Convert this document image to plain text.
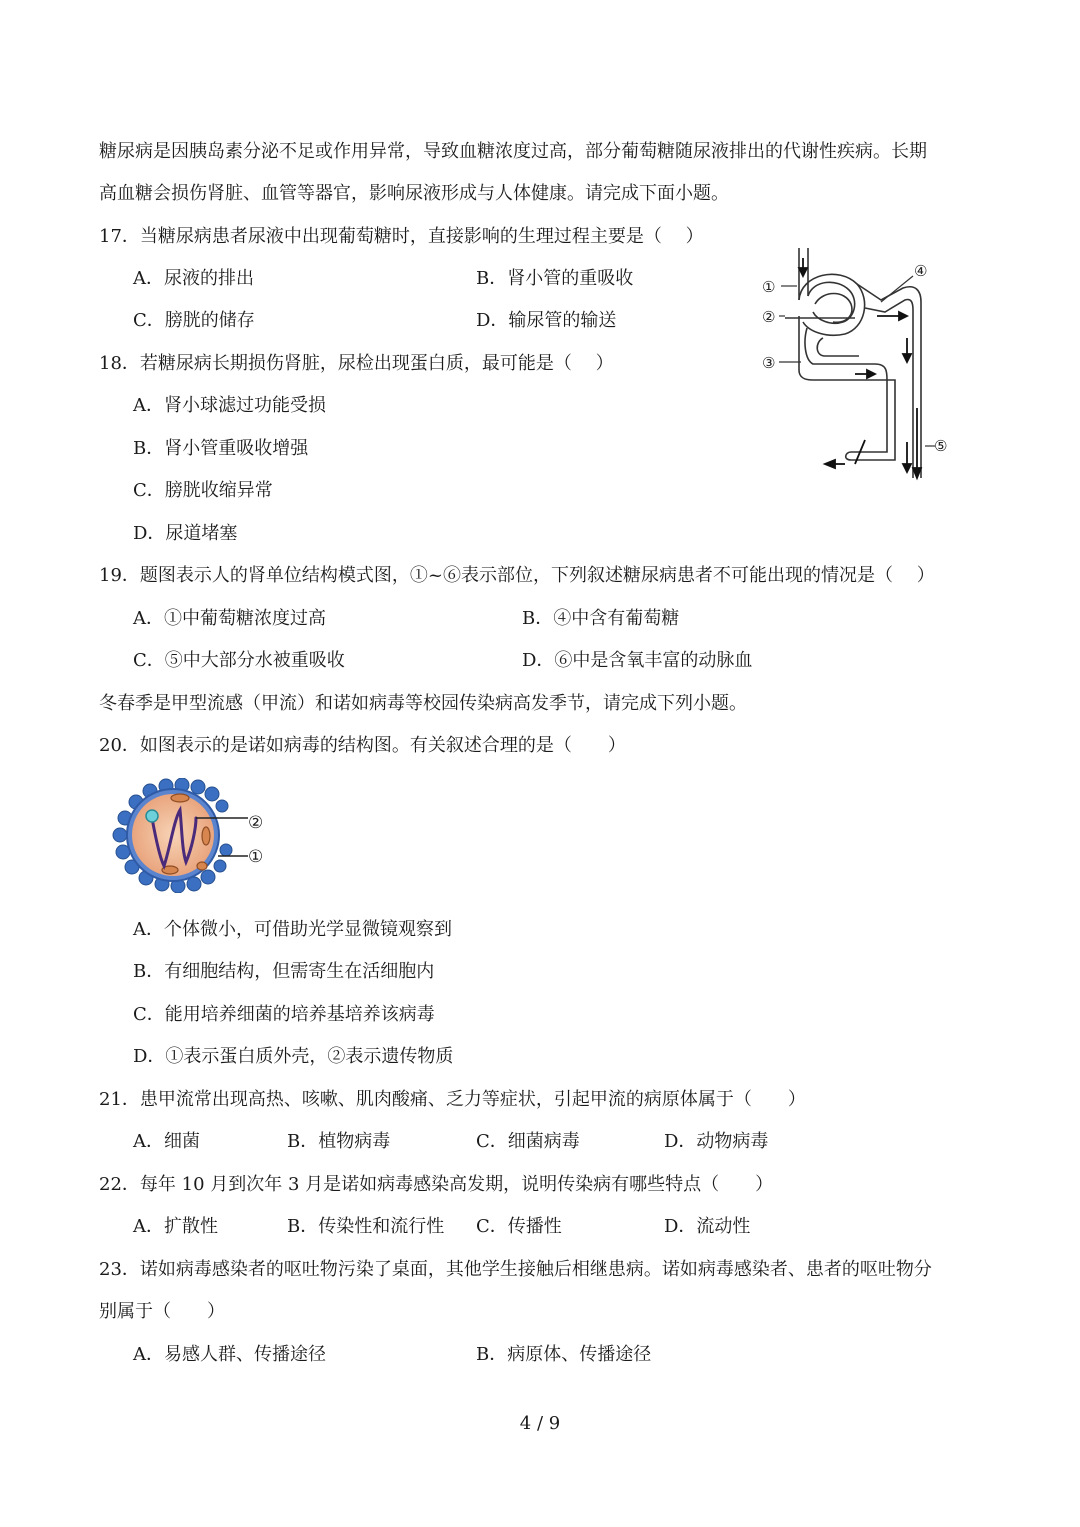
糖尿病是因胰岛素分泌不足或作用异常，导致血糖浓度过高，部分葡萄糖随尿液排出的代谢性疾病。长期
高血糖会损伤肾脏、血管等器官，影响尿液形成与人体健康。请完成下面小题。
17．当糖尿病患者尿液中出现葡萄糖时，直接影响的生理过程主要是（　 ）
A．尿液的排出	B．肾小管的重吸收
C．膀胱的储存	D．输尿管的输送
①
②
③
④
⑤
18．若糖尿病长期损伤肾脏，尿检出现蛋白质，最可能是（　 ）
A．肾小球滤过功能受损
B．肾小管重吸收增强
C．膀胱收缩异常
D．尿道堵塞
19．题图表示人的肾单位结构模式图，①~⑥表示部位，下列叙述糖尿病患者不可能出现的情况是（　 ）
A．①中葡萄糖浓度过高	B．④中含有葡萄糖
C．⑤中大部分水被重吸收	D．⑥中是含氧丰富的动脉血
冬春季是甲型流感（甲流）和诺如病毒等校园传染病高发季节，请完成下列小题。
20．如图表示的是诺如病毒的结构图。有关叙述合理的是（　　）
②
①
A．个体微小，可借助光学显微镜观察到
B．有细胞结构，但需寄生在活细胞内
C．能用培养细菌的培养基培养该病毒
D．①表示蛋白质外壳，②表示遗传物质
21．患甲流常出现高热、咳嗽、肌肉酸痛、乏力等症状，引起甲流的病原体属于（　　）
A．细菌	B．植物病毒	C．细菌病毒	D．动物病毒
22．每年 10 月到次年 3 月是诺如病毒感染高发期，说明传染病有哪些特点（　　）
A．扩散性	B．传染性和流行性 C．传播性	D．流动性
23．诺如病毒感染者的呕吐物污染了桌面，其他学生接触后相继患病。诺如病毒感染者、患者的呕吐物分
别属于（　　）
A．易感人群、传播途径	B．病原体、传播途径
4 / 9
